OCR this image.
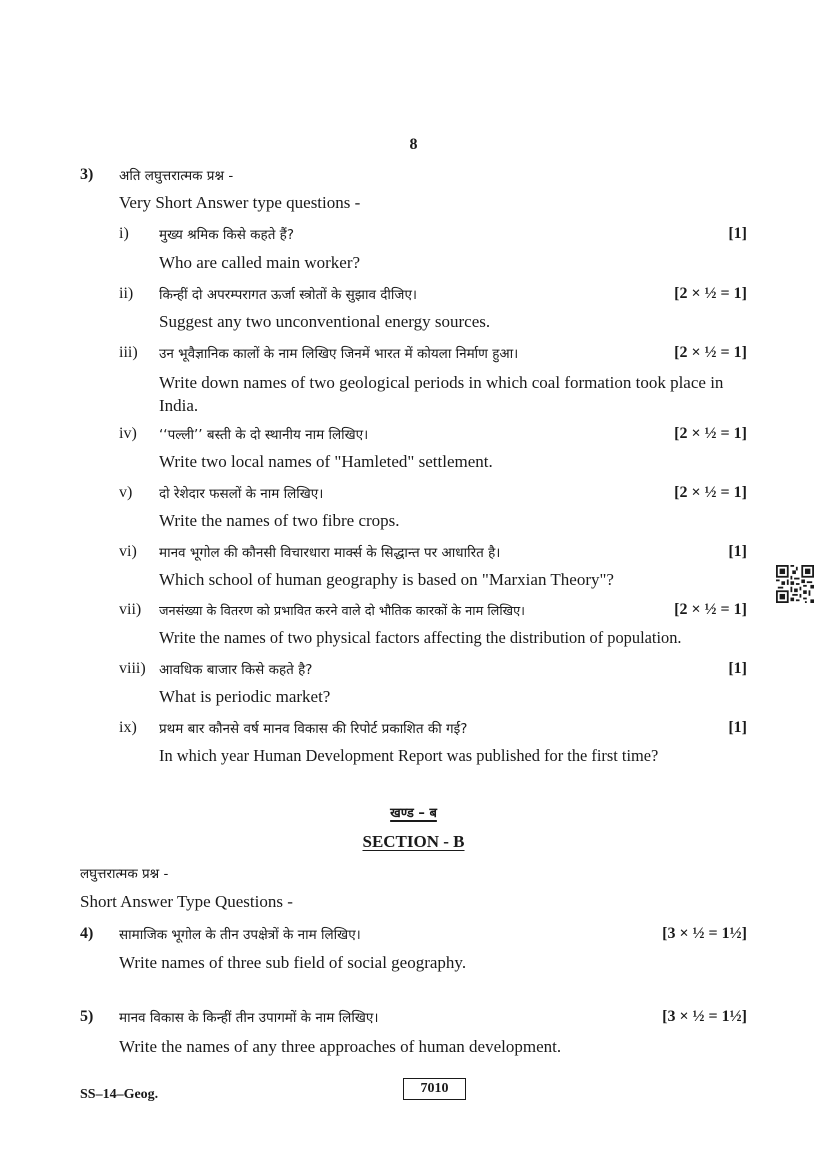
8
3) अति लघुत्तरात्मक प्रश्न -
Very Short Answer type questions -
i) मुख्य श्रमिक किसे कहते हैं?	[1]
Who are called main worker?
ii) किन्हीं दो अपरम्परागत ऊर्जा स्त्रोतों के सुझाव दीजिए।	[2 × ½ = 1]
Suggest any two unconventional energy sources.
iii) उन भूवैज्ञानिक कालों के नाम लिखिए जिनमें भारत में कोयला निर्माण हुआ।	[2 × ½ = 1]
Write down names of two geological periods in which coal formation took place in India.
iv) ‘‘पल्ली’’ बस्ती के दो स्थानीय नाम लिखिए।	[2 × ½ = 1]
Write two local names of "Hamleted" settlement.
v) दो रेशेदार फसलों के नाम लिखिए।	[2 × ½ = 1]
Write the names of two fibre crops.
vi) मानव भूगोल की कौनसी विचारधारा मार्क्स के सिद्धान्त पर आधारित है।	[1]
Which school of human geography is based on "Marxian Theory"?
vii) जनसंख्या के वितरण को प्रभावित करने वाले दो भौतिक कारकों के नाम लिखिए।	[2 × ½ = 1]
Write the names of two physical factors affecting the distribution of population.
viii) आवधिक बाजार किसे कहते है?	[1]
What is periodic market?
ix) प्रथम बार कौनसे वर्ष मानव विकास की रिपोर्ट प्रकाशित की गई?	[1]
In which year Human Development Report was published for the first time?
खण्ड – ब
SECTION - B
लघुत्तरात्मक प्रश्न -
Short Answer Type Questions -
4) सामाजिक भूगोल के तीन उपक्षेत्रों के नाम लिखिए।	[3 × ½ = 1½]
Write names of three sub field of social geography.
5) मानव विकास के किन्हीं तीन उपागमों के नाम लिखिए।	[3 × ½ = 1½]
Write the names of any three approaches of human development.
SS–14–Geog.	7010
